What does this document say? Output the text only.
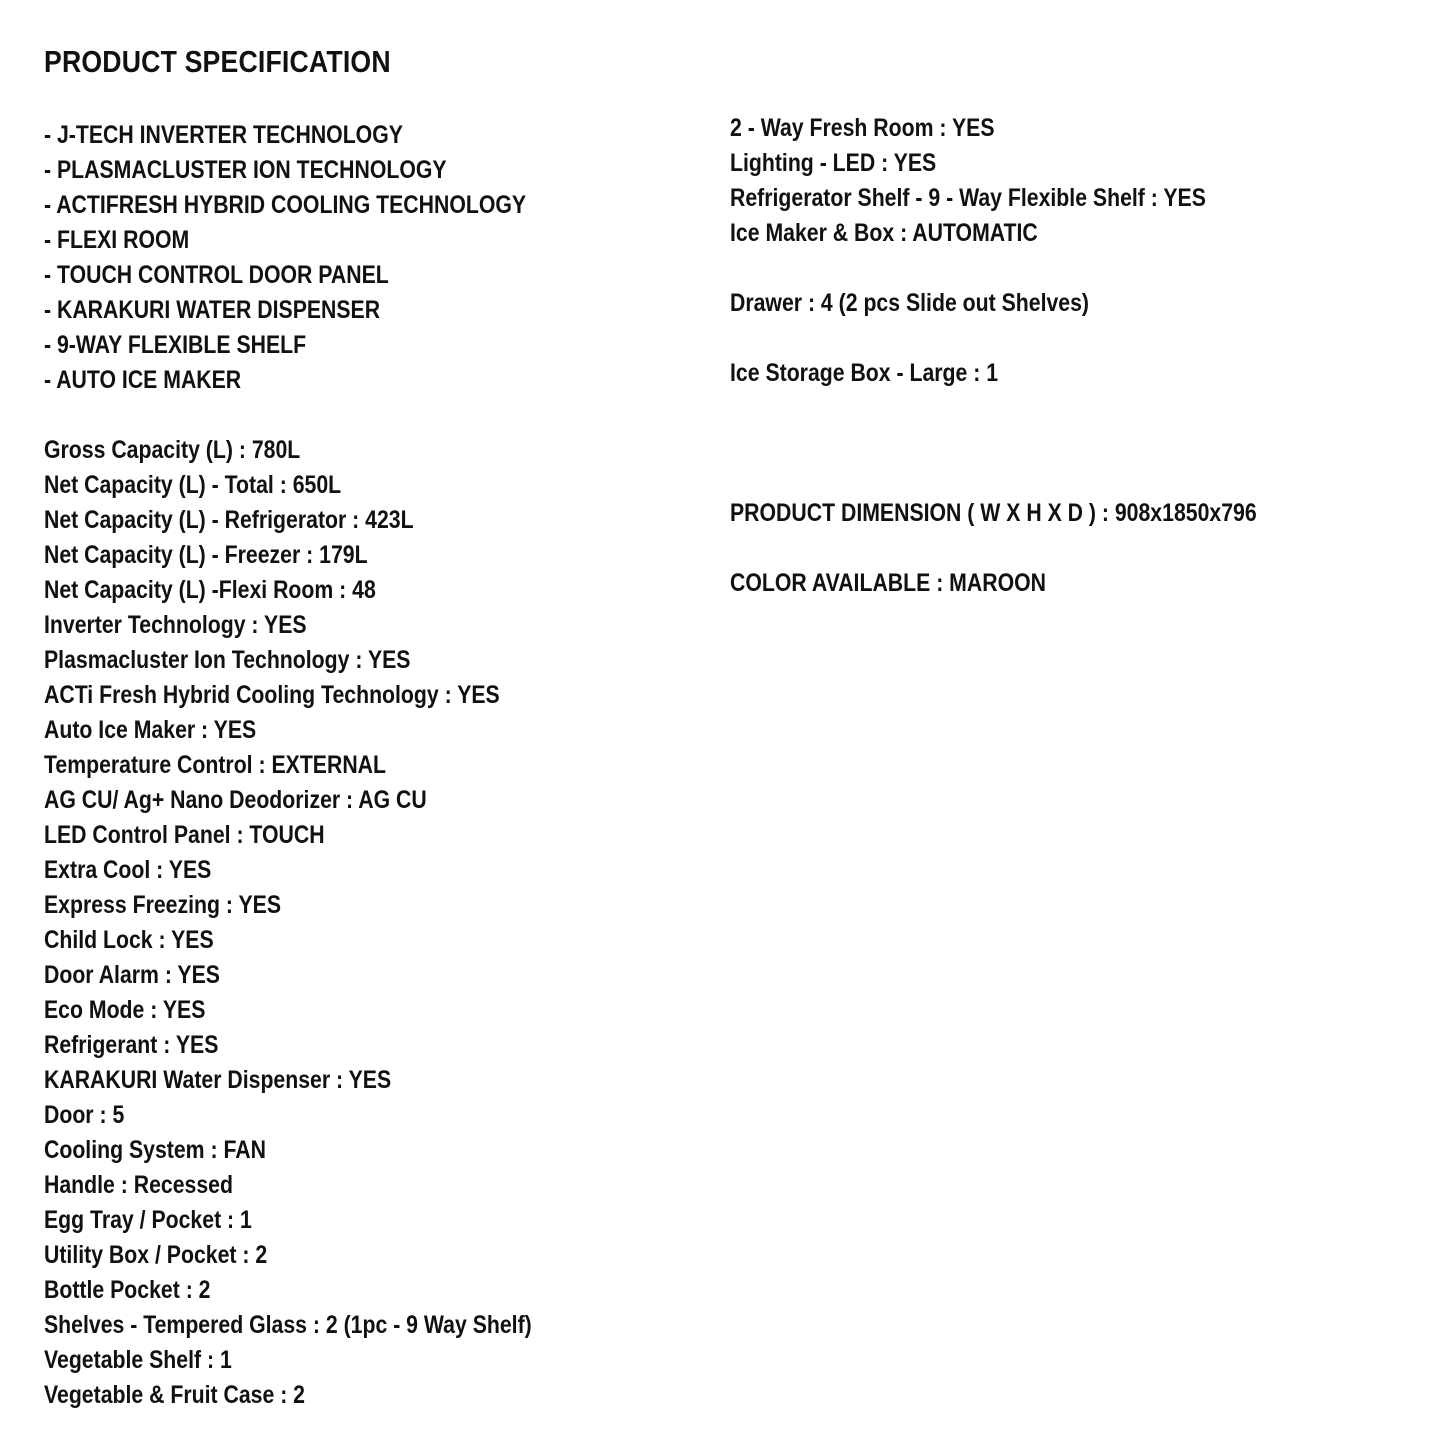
PRODUCT SPECIFICATION
- J-TECH INVERTER TECHNOLOGY
- PLASMACLUSTER ION TECHNOLOGY
- ACTIFRESH HYBRID COOLING TECHNOLOGY
- FLEXI ROOM
- TOUCH CONTROL DOOR PANEL
- KARAKURI WATER DISPENSER
- 9-WAY FLEXIBLE SHELF
- AUTO ICE MAKER
Gross Capacity (L) : 780L
Net Capacity (L) - Total : 650L
Net Capacity (L) - Refrigerator : 423L
Net Capacity (L) - Freezer : 179L
Net Capacity (L) -Flexi Room : 48
Inverter Technology : YES
Plasmacluster Ion Technology : YES
ACTi Fresh Hybrid Cooling Technology : YES
Auto Ice Maker : YES
Temperature Control : EXTERNAL
AG CU/ Ag+ Nano Deodorizer : AG CU
LED Control Panel : TOUCH
Extra Cool : YES
Express Freezing : YES
Child Lock : YES
Door Alarm : YES
Eco Mode : YES
Refrigerant : YES
KARAKURI Water Dispenser : YES
Door : 5
Cooling System : FAN
Handle : Recessed
Egg Tray / Pocket : 1
Utility Box / Pocket : 2
Bottle Pocket : 2
Shelves - Tempered Glass : 2 (1pc - 9 Way Shelf)
Vegetable Shelf : 1
Vegetable & Fruit Case : 2
2 - Way Fresh Room : YES
Lighting - LED : YES
Refrigerator Shelf - 9 - Way Flexible Shelf : YES
Ice Maker & Box : AUTOMATIC
Drawer : 4 (2 pcs Slide out Shelves)
Ice Storage Box - Large : 1
PRODUCT DIMENSION ( W X H X D ) : 908x1850x796
COLOR AVAILABLE : MAROON
